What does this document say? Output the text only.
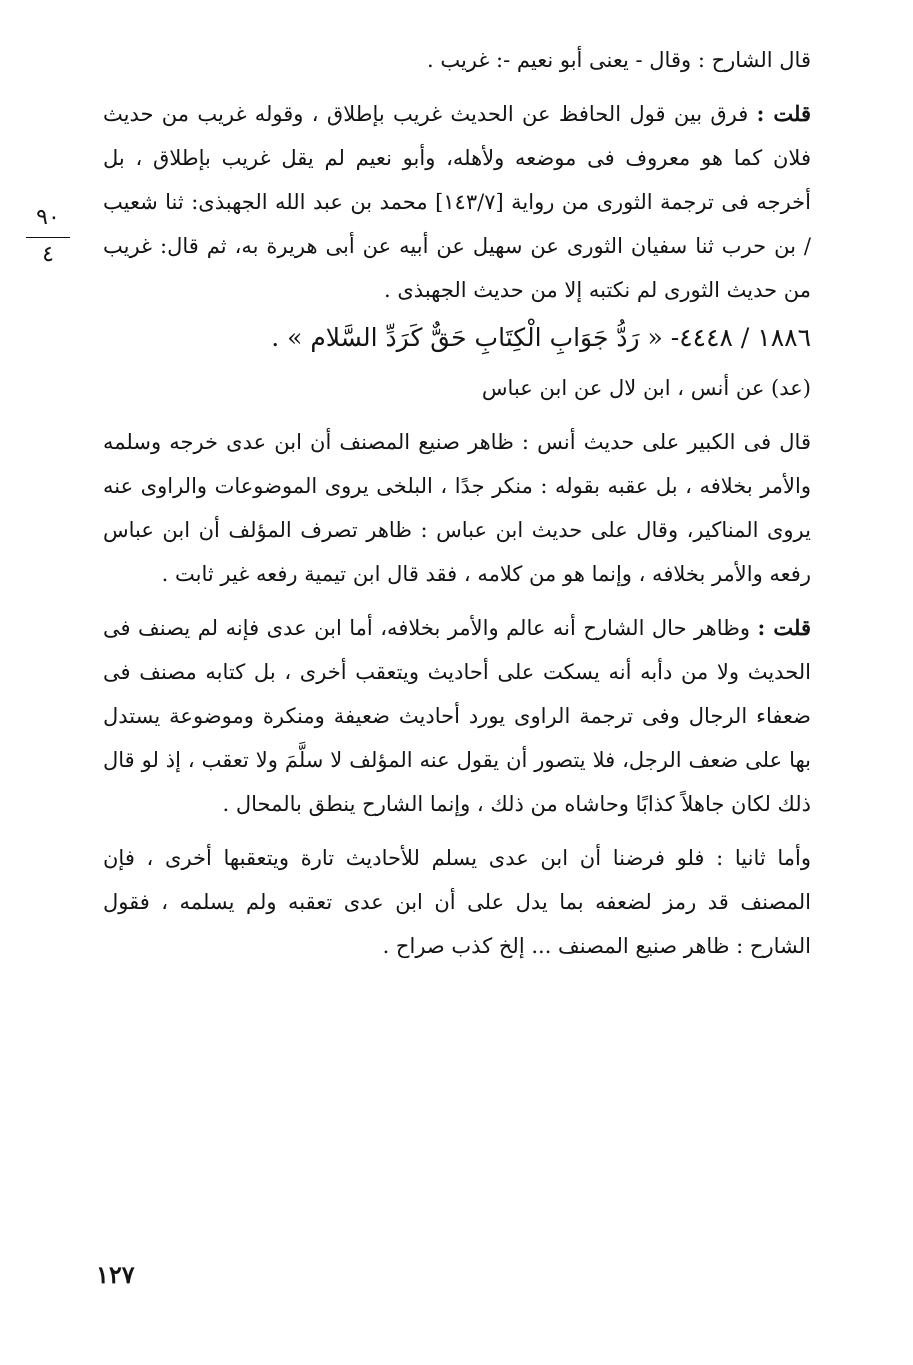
٩٠
٤

قال الشارح : وقال - يعنى أبو نعيم -: غريب .

قلت : فرق بين قول الحافظ عن الحديث غريب بإطلاق ، وقوله غريب من حديث فلان كما هو معروف فى موضعه ولأهله، وأبو نعيم لم يقل غريب بإطلاق ، بل أخرجه فى ترجمة الثورى من رواية [١٤٣/٧] محمد بن عبد الله الجهبذى: ثنا شعيب / بن حرب ثنا سفيان الثورى عن سهيل عن أبيه عن أبى هريرة به، ثم قال: غريب من حديث الثورى لم نكتبه إلا من حديث الجهبذى .

١٨٨٦ / ٤٤٤٨- « رَدُّ جَوَابِ الْكِتَابِ حَقٌّ كَرَدِّ السَّلام » .

(عد) عن أنس ، ابن لال عن ابن عباس

قال فى الكبير على حديث أنس : ظاهر صنيع المصنف أن ابن عدى خرجه وسلمه والأمر بخلافه ، بل عقبه بقوله : منكر جدًا ، البلخى يروى الموضوعات والراوى عنه يروى المناكير، وقال على حديث ابن عباس : ظاهر تصرف المؤلف أن ابن عباس رفعه والأمر بخلافه ، وإنما هو من كلامه ، فقد قال ابن تيمية رفعه غير ثابت .

قلت : وظاهر حال الشارح أنه عالم والأمر بخلافه، أما ابن عدى فإنه لم يصنف فى الحديث ولا من دأبه أنه يسكت على أحاديث ويتعقب أخرى ، بل كتابه مصنف فى ضعفاء الرجال وفى ترجمة الراوى يورد أحاديث ضعيفة ومنكرة وموضوعة يستدل بها على ضعف الرجل، فلا يتصور أن يقول عنه المؤلف لا سلَّمَ ولا تعقب ، إذ لو قال ذلك لكان جاهلاً كذابًا وحاشاه من ذلك ، وإنما الشارح ينطق بالمحال .

وأما ثانيا : فلو فرضنا أن ابن عدى يسلم للأحاديث تارة ويتعقبها أخرى ، فإن المصنف قد رمز لضعفه بما يدل على أن ابن عدى تعقبه ولم يسلمه ، فقول الشارح : ظاهر صنيع المصنف ... إلخ كذب صراح .

١٢٧
